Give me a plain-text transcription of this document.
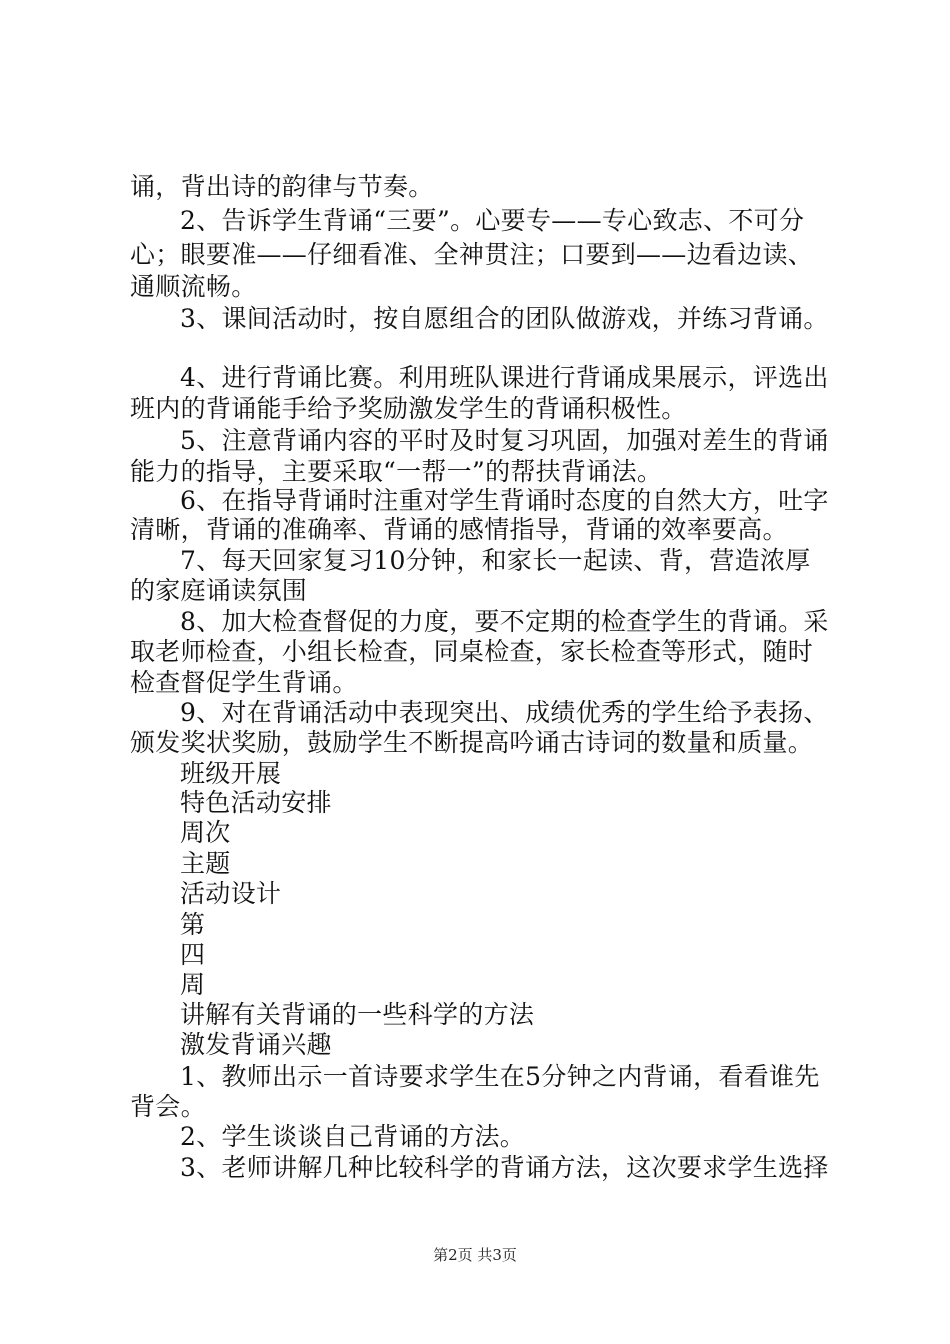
诵，背出诗的韵律与节奏。
2、告诉学生背诵“三要”。心要专——专心致志、不可分
心；眼要准——仔细看准、全神贯注；口要到——边看边读、
通顺流畅。
3、课间活动时，按自愿组合的团队做游戏，并练习背诵。
4、进行背诵比赛。利用班队课进行背诵成果展示，评选出
班内的背诵能手给予奖励激发学生的背诵积极性。
5、注意背诵内容的平时及时复习巩固，加强对差生的背诵
能力的指导，主要采取“一帮一”的帮扶背诵法。
6、在指导背诵时注重对学生背诵时态度的自然大方，吐字
清晰，背诵的准确率、背诵的感情指导，背诵的效率要高。
7、每天回家复习10分钟，和家长一起读、背，营造浓厚
的家庭诵读氛围
8、加大检查督促的力度，要不定期的检查学生的背诵。采
取老师检查，小组长检查，同桌检查，家长检查等形式，随时
检查督促学生背诵。
9、对在背诵活动中表现突出、成绩优秀的学生给予表扬、
颁发奖状奖励，鼓励学生不断提高吟诵古诗词的数量和质量。
班级开展
特色活动安排
周次
主题
活动设计
第
四
周
讲解有关背诵的一些科学的方法
激发背诵兴趣
1、教师出示一首诗要求学生在5分钟之内背诵，看看谁先
背会。
2、学生谈谈自己背诵的方法。
3、老师讲解几种比较科学的背诵方法，这次要求学生选择
第2页 共3页
